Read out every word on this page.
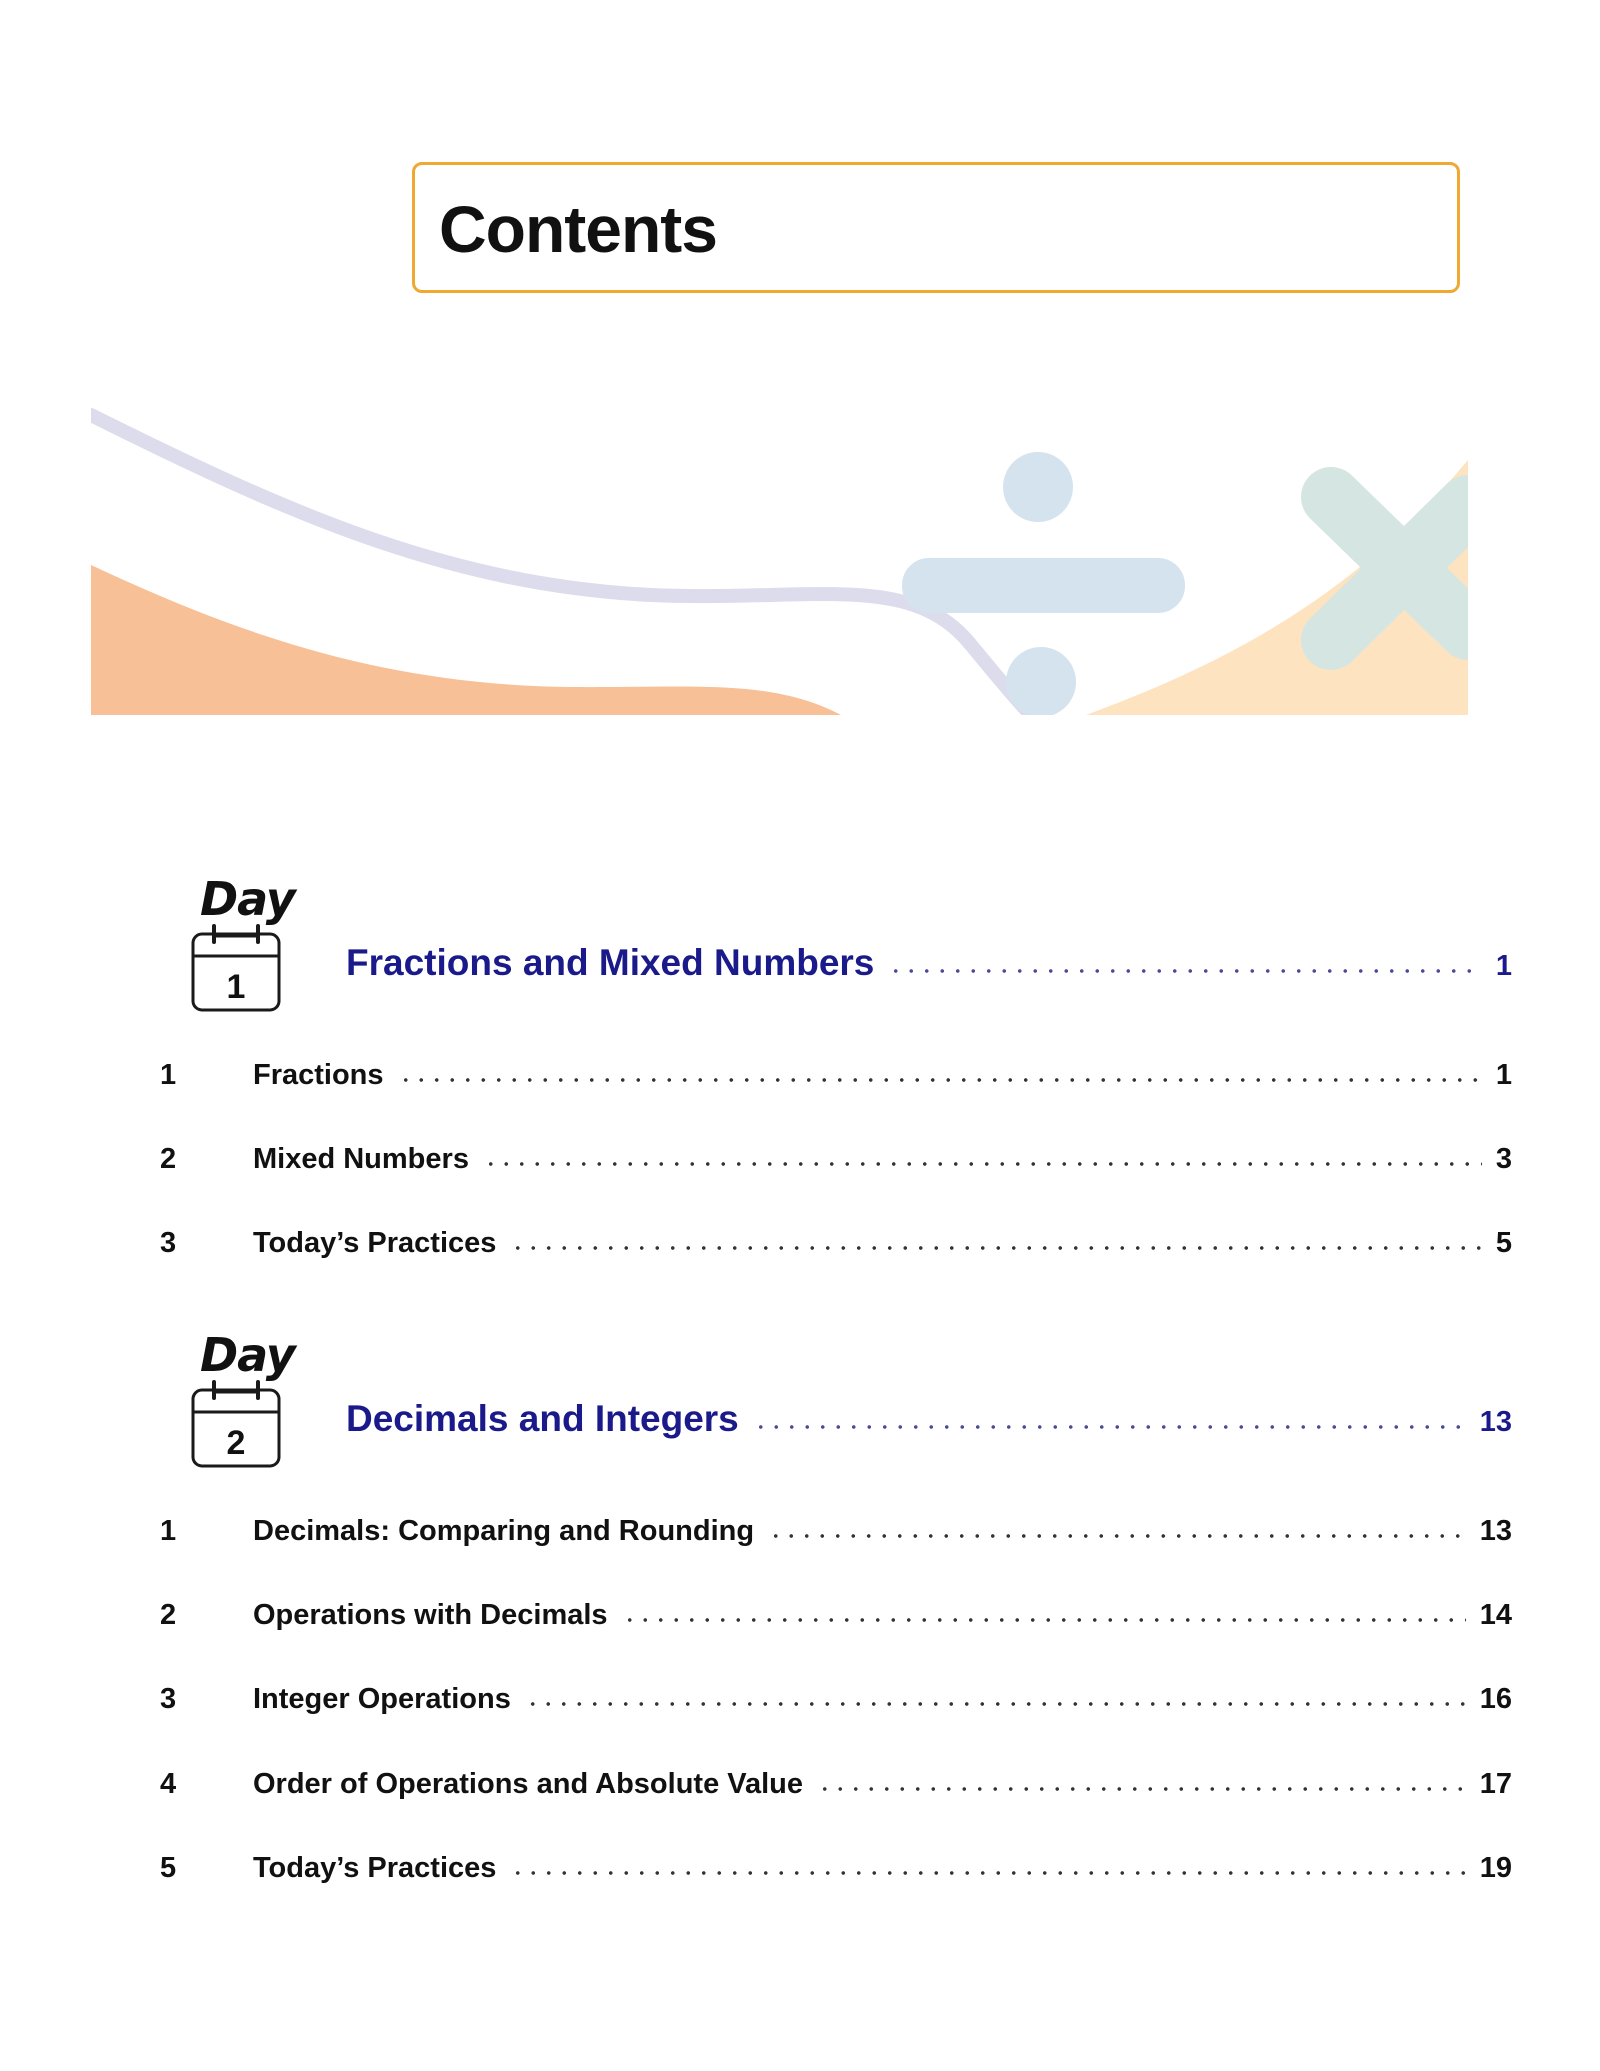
Contents
Day
1
Fractions and Mixed Numbers	1
1	Fractions	1
2	Mixed Numbers	3
3	Today’s Practices	5
Day
2
Decimals and Integers	13
1	Decimals: Comparing and Rounding	13
2	Operations with Decimals	14
3	Integer Operations	16
4	Order of Operations and Absolute Value	17
5	Today’s Practices	19
